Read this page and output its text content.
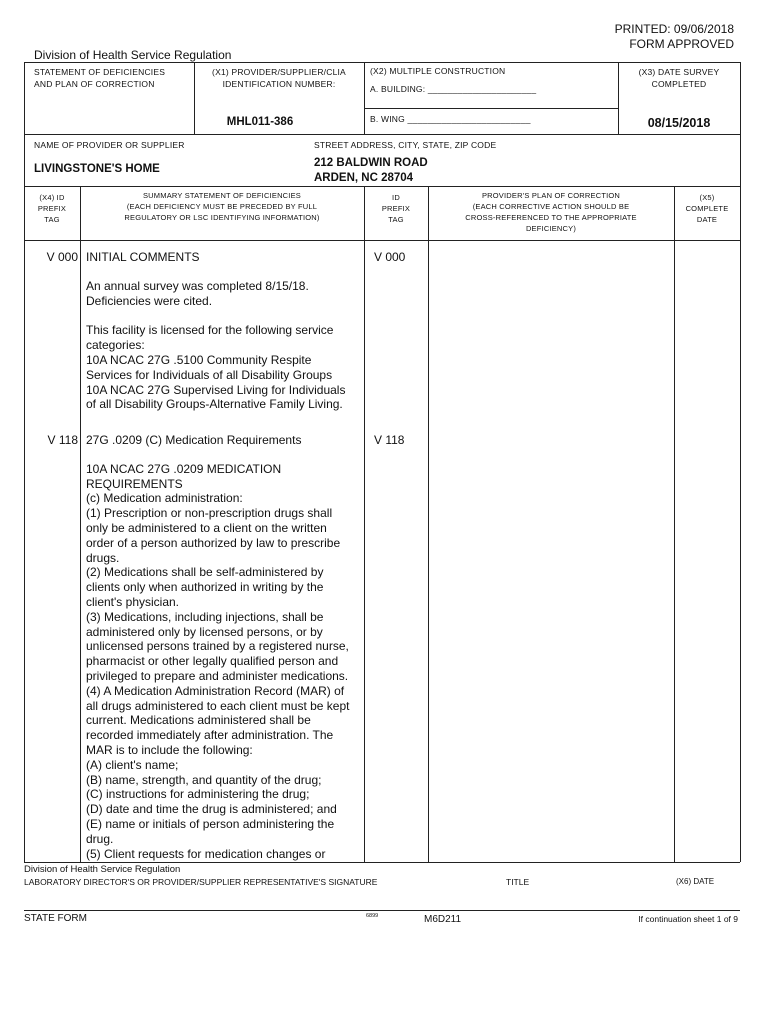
PRINTED: 09/06/2018
FORM APPROVED
Division of Health Service Regulation
STATEMENT OF DEFICIENCIES
AND PLAN OF CORRECTION
(X1) PROVIDER/SUPPLIER/CLIA
IDENTIFICATION NUMBER:
MHL011-386
(X2) MULTIPLE CONSTRUCTION
A. BUILDING: ______________________
B. WING _________________________
(X3) DATE SURVEY
COMPLETED
08/15/2018
NAME OF PROVIDER OR SUPPLIER
LIVINGSTONE'S HOME
STREET ADDRESS, CITY, STATE, ZIP CODE
212 BALDWIN ROAD
ARDEN, NC 28704
(X4) ID
PREFIX
TAG
SUMMARY STATEMENT OF DEFICIENCIES
(EACH DEFICIENCY MUST BE PRECEDED BY FULL
REGULATORY OR LSC IDENTIFYING INFORMATION)
ID
PREFIX
TAG
PROVIDER'S PLAN OF CORRECTION
(EACH CORRECTIVE ACTION SHOULD BE
CROSS-REFERENCED TO THE APPROPRIATE
DEFICIENCY)
(X5)
COMPLETE
DATE
V 000	V 000

INITIAL COMMENTS

An annual survey was completed 8/15/18.
Deficiencies were cited.

This facility is licensed for the following service
categories:
10A NCAC 27G .5100 Community Respite
Services for Individuals of all Disability Groups
10A NCAC 27G Supervised Living for Individuals
of all Disability Groups-Alternative Family Living.

V 118	V 118

27G .0209 (C) Medication Requirements

10A NCAC 27G .0209 MEDICATION
REQUIREMENTS
(c) Medication administration:
(1) Prescription or non-prescription drugs shall
only be administered to a client on the written
order of a person authorized by law to prescribe
drugs.
(2) Medications shall be self-administered by
clients only when authorized in writing by the
client's physician.
(3) Medications, including injections, shall be
administered only by licensed persons, or by
unlicensed persons trained by a registered nurse,
pharmacist or other legally qualified person and
privileged to prepare and administer medications.
(4) A Medication Administration Record (MAR) of
all drugs administered to each client must be kept
current. Medications administered shall be
recorded immediately after administration. The
MAR is to include the following:
(A) client's name;
(B) name, strength, and quantity of the drug;
(C) instructions for administering the drug;
(D) date and time the drug is administered; and
(E) name or initials of person administering the
drug.
(5) Client requests for medication changes or

Division of Health Service Regulation
LABORATORY DIRECTOR'S OR PROVIDER/SUPPLIER REPRESENTATIVE'S SIGNATURE	TITLE	(X6) DATE
STATE FORM	6899	M6D211	If continuation sheet 1 of 9
